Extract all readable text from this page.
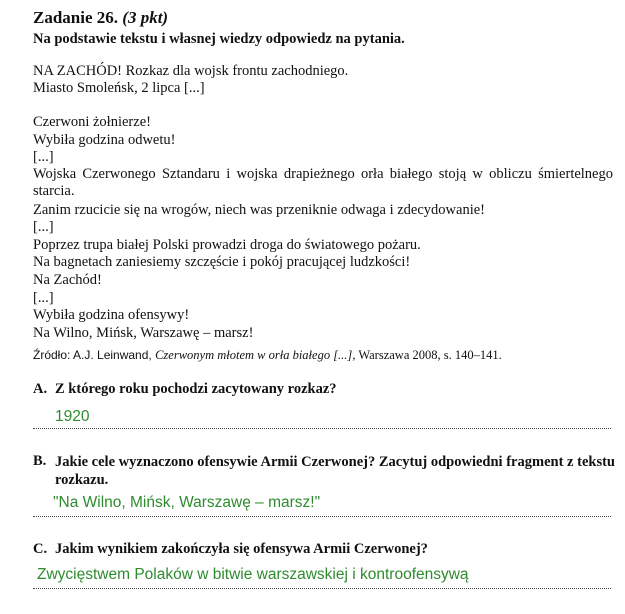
Zadanie 26. (3 pkt)
Na podstawie tekstu i własnej wiedzy odpowiedz na pytania.
NA ZACHÓD! Rozkaz dla wojsk frontu zachodniego.
Miasto Smoleńsk, 2 lipca [...]
Czerwoni żołnierze!
Wybiła godzina odwetu!
[...]
Wojska Czerwonego Sztandaru i wojska drapieżnego orła białego stoją w obliczu śmiertelnego starcia.
Zanim rzucicie się na wrogów, niech was przeniknie odwaga i zdecydowanie!
[...]
Poprzez trupa białej Polski prowadzi droga do światowego pożaru.
Na bagnetach zaniesiemy szczęście i pokój pracującej ludzkości!
Na Zachód!
[...]
Wybiła godzina ofensywy!
Na Wilno, Mińsk, Warszawę – marsz!
Źródło: A.J. Leinwand, Czerwonym młotem w orła białego [...], Warszawa 2008, s. 140–141.
A. Z którego roku pochodzi zacytowany rozkaz?
1920
B. Jakie cele wyznaczono ofensywie Armii Czerwonej? Zacytuj odpowiedni fragment z tekstu rozkazu.
"Na Wilno, Mińsk, Warszawę – marsz!"
C. Jakim wynikiem zakończyła się ofensywa Armii Czerwonej?
Zwycięstwem Polaków w bitwie warszawskiej i kontroofensywą
